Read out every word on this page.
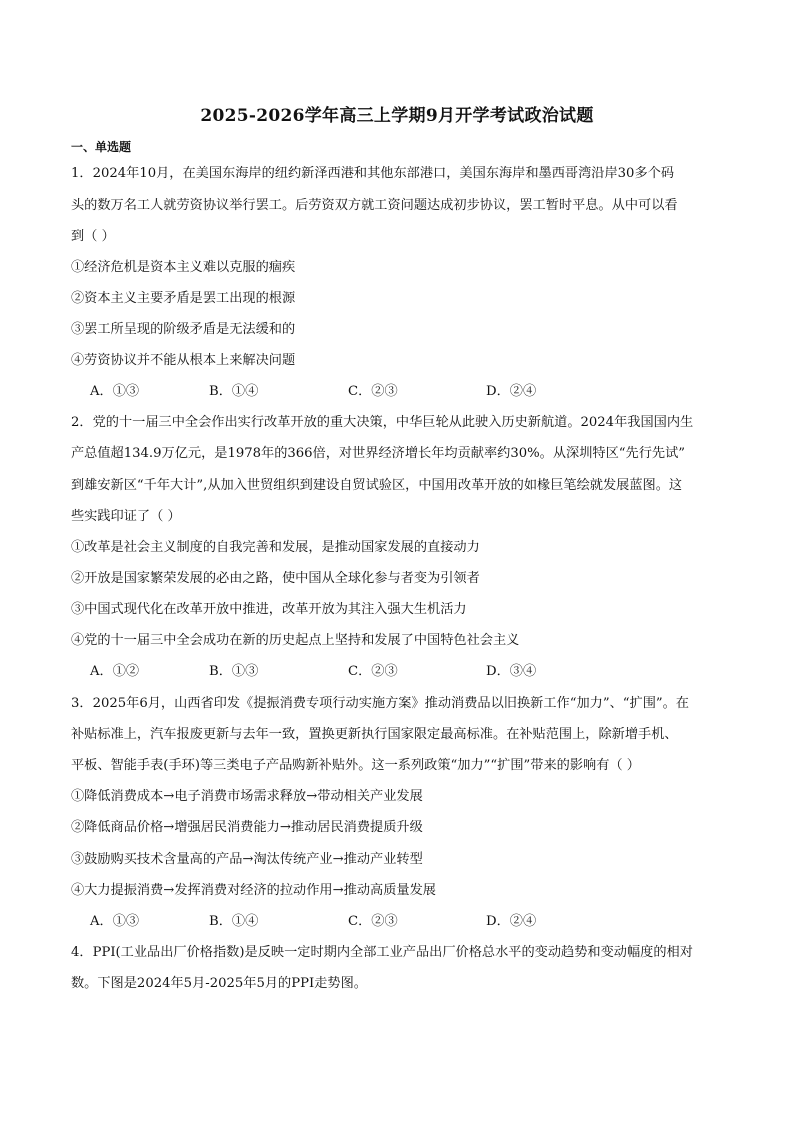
2025-2026学年高三上学期9月开学考试政治试题
一、单选题
1．2024年10月，在美国东海岸的纽约新泽西港和其他东部港口，美国东海岸和墨西哥湾沿岸30多个码
头的数万名工人就劳资协议举行罢工。后劳资双方就工资问题达成初步协议，罢工暂时平息。从中可以看
到（ ）
①经济危机是资本主义难以克服的痼疾
②资本主义主要矛盾是罢工出现的根源
③罢工所呈现的阶级矛盾是无法缓和的
④劳资协议并不能从根本上来解决问题
A．①③	B．①④	C．②③	D．②④
2．党的十一届三中全会作出实行改革开放的重大决策，中华巨轮从此驶入历史新航道。2024年我国国内生
产总值超134.9万亿元，是1978年的366倍，对世界经济增长年均贡献率约30%。从深圳特区“先行先试”
到雄安新区“千年大计”,从加入世贸组织到建设自贸试验区，中国用改革开放的如椽巨笔绘就发展蓝图。这
些实践印证了（ ）
①改革是社会主义制度的自我完善和发展，是推动国家发展的直接动力
②开放是国家繁荣发展的必由之路，使中国从全球化参与者变为引领者
③中国式现代化在改革开放中推进，改革开放为其注入强大生机活力
④党的十一届三中全会成功在新的历史起点上坚持和发展了中国特色社会主义
A．①②	B．①③	C．②③	D．③④
3．2025年6月，山西省印发《提振消费专项行动实施方案》推动消费品以旧换新工作“加力”、“扩围”。在
补贴标准上，汽车报废更新与去年一致，置换更新执行国家限定最高标准。在补贴范围上，除新增手机、
平板、智能手表(手环)等三类电子产品购新补贴外。这一系列政策“加力”“扩围”带来的影响有（ ）
①降低消费成本→电子消费市场需求释放→带动相关产业发展
②降低商品价格→增强居民消费能力→推动居民消费提质升级
③鼓励购买技术含量高的产品→淘汰传统产业→推动产业转型
④大力提振消费→发挥消费对经济的拉动作用→推动高质量发展
A．①③	B．①④	C．②③	D．②④
4．PPI(工业品出厂价格指数)是反映一定时期内全部工业产品出厂价格总水平的变动趋势和变动幅度的相对
数。下图是2024年5月-2025年5月的PPI走势图。
